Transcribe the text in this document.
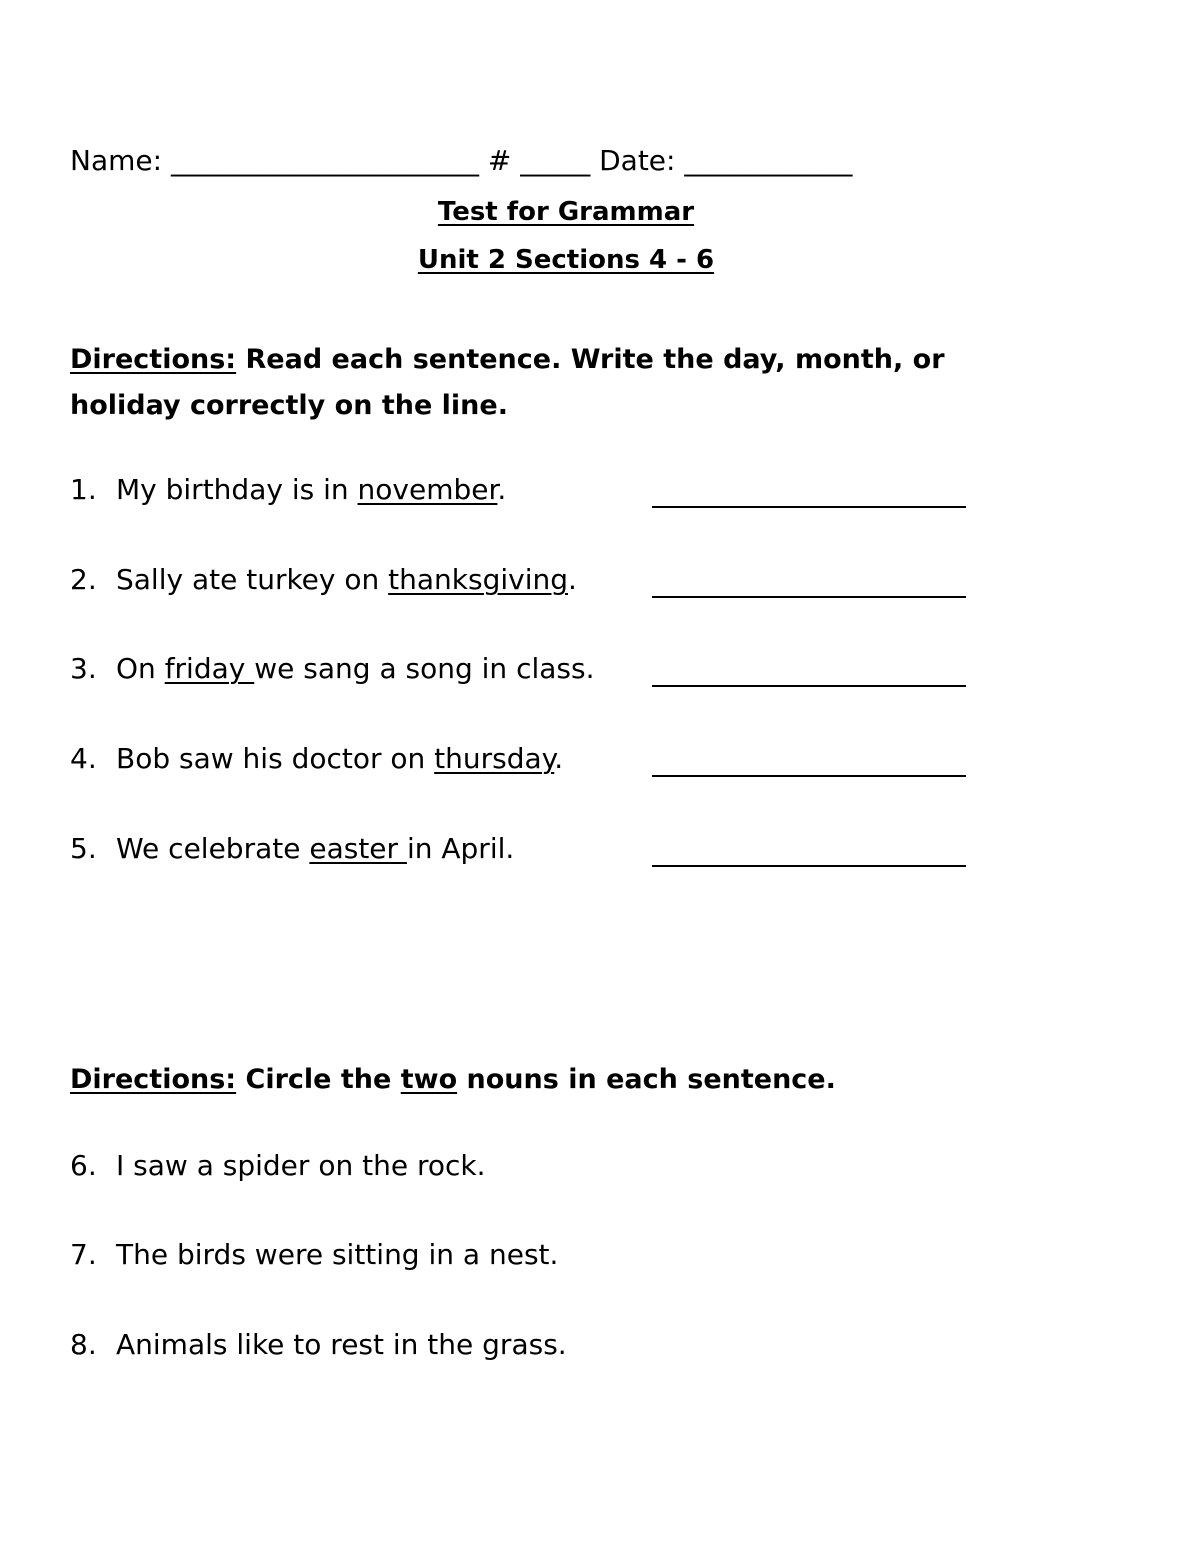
Name: ______________________ # _____ Date: ____________
Test for Grammar
Unit 2 Sections 4 - 6
Directions: Read each sentence. Write the day, month, or holiday correctly on the line.
1. My birthday is in november.
2. Sally ate turkey on thanksgiving.
3. On friday we sang a song in class.
4. Bob saw his doctor on thursday.
5. We celebrate easter in April.
Directions: Circle the two nouns in each sentence.
6. I saw a spider on the rock.
7. The birds were sitting in a nest.
8. Animals like to rest in the grass.
